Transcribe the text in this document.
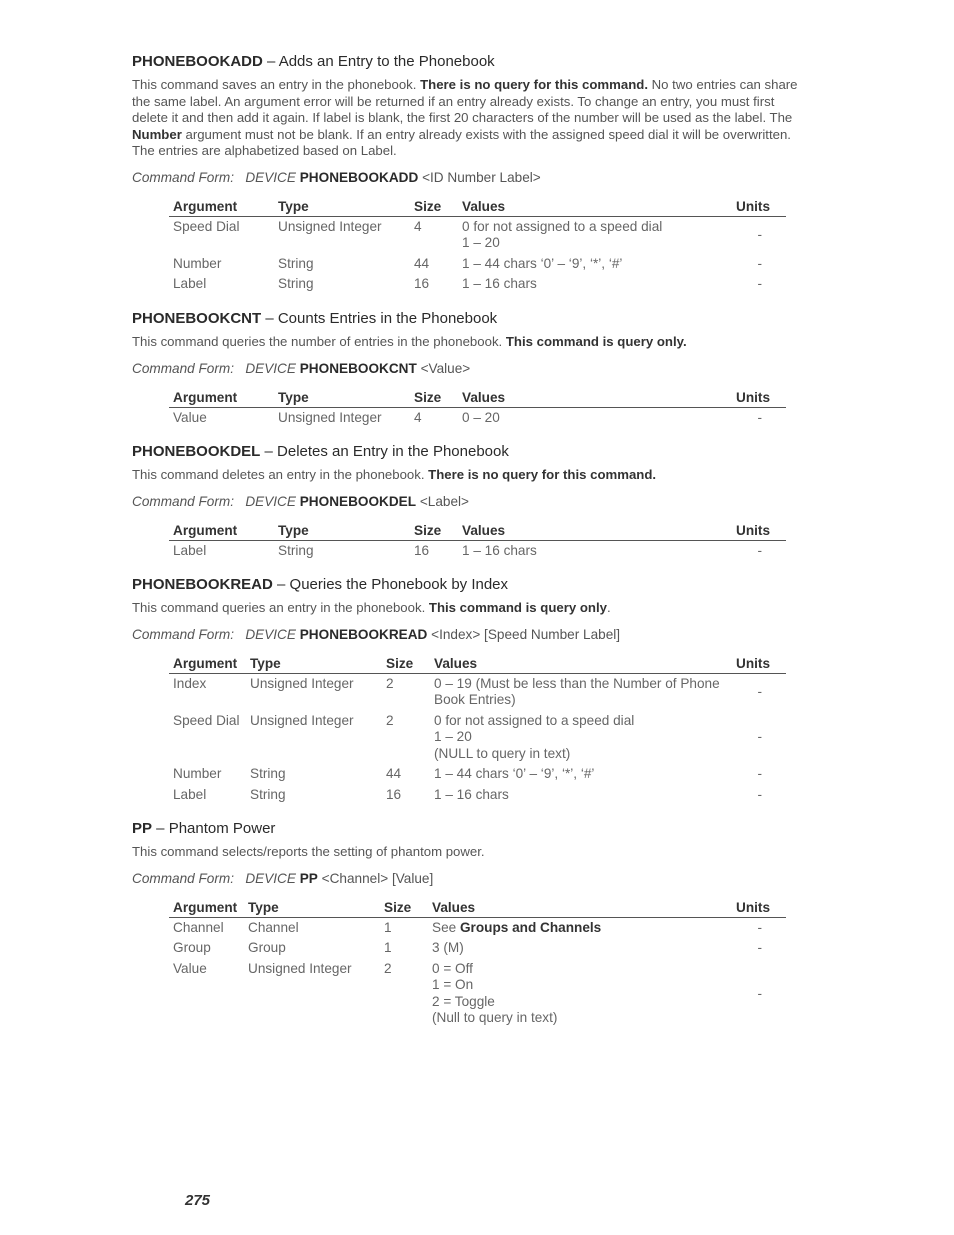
PHONEBOOKADD – Adds an Entry to the Phonebook
This command saves an entry in the phonebook. There is no query for this command. No two entries can share the same label. An argument error will be returned if an entry already exists. To change an entry, you must first delete it and then add it again. If label is blank, the first 20 characters of the number will be used as the label. The Number argument must not be blank. If an entry already exists with the assigned speed dial it will be overwritten. The entries are alphabetized based on Label.
Command Form: DEVICE PHONEBOOKADD <ID Number Label>
Argument	Type	Size	Values	Units
Speed Dial	Unsigned Integer	4	0 for not assigned to a speed dial
1 – 20	-
Number	String	44	1 – 44 chars ‘0’ – ‘9’, ‘*’, ‘#’	-
Label	String	16	1 – 16 chars	-
PHONEBOOKCNT – Counts Entries in the Phonebook
This command queries the number of entries in the phonebook. This command is query only.
Command Form: DEVICE PHONEBOOKCNT <Value>
Argument	Type	Size	Values	Units
Value	Unsigned Integer	4	0 – 20	-
PHONEBOOKDEL – Deletes an Entry in the Phonebook
This command deletes an entry in the phonebook. There is no query for this command.
Command Form: DEVICE PHONEBOOKDEL <Label>
Argument	Type	Size	Values	Units
Label	String	16	1 – 16 chars	-
PHONEBOOKREAD – Queries the Phonebook by Index
This command queries an entry in the phonebook. This command is query only.
Command Form: DEVICE PHONEBOOKREAD <Index> [Speed Number Label]
Argument	Type	Size	Values	Units
Index	Unsigned Integer	2	0 – 19 (Must be less than the Number of Phone Book Entries)	-
Speed Dial	Unsigned Integer	2	0 for not assigned to a speed dial
1 – 20
(NULL to query in text)	-
Number	String	44	1 – 44 chars ‘0’ – ‘9’, ‘*’, ‘#’	-
Label	String	16	1 – 16 chars	-
PP – Phantom Power
This command selects/reports the setting of phantom power.
Command Form: DEVICE PP <Channel> [Value]
Argument	Type	Size	Values	Units
Channel	Channel	1	See Groups and Channels	-
Group	Group	1	3 (M)	-
Value	Unsigned Integer	2	0 = Off
1 = On
2 = Toggle
(Null to query in text)	-
275
